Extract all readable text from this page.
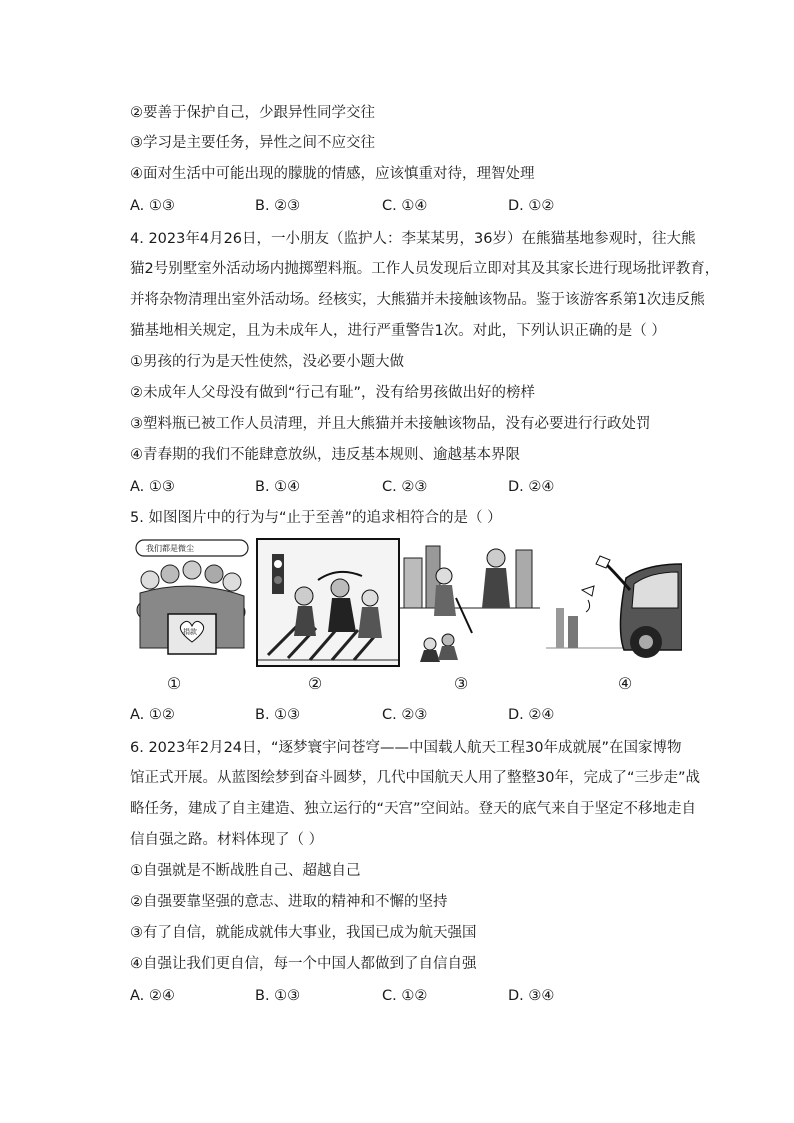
②要善于保护自己，少跟异性同学交往
③学习是主要任务，异性之间不应交往
④面对生活中可能出现的朦胧的情感，应该慎重对待，理智处理
A. ①③	B. ②③	C. ①④	D. ①②
4. 2023年4月26日，一小朋友（监护人：李某某男，36岁）在熊猫基地参观时，往大熊
猫2号别墅室外活动场内抛掷塑料瓶。工作人员发现后立即对其及其家长进行现场批评教育，
并将杂物清理出室外活动场。经核实，大熊猫并未接触该物品。鉴于该游客系第1次违反熊
猫基地相关规定，且为未成年人，进行严重警告1次。对此，下列认识正确的是（ ）
①男孩的行为是天性使然，没必要小题大做
②未成年人父母没有做到“行己有耻”，没有给男孩做出好的榜样
③塑料瓶已被工作人员清理，并且大熊猫并未接触该物品，没有必要进行行政处罚
④青春期的我们不能肆意放纵，违反基本规则、逾越基本界限
A. ①③	B. ①④	C. ②③	D. ②④
5. 如图图片中的行为与“止于至善”的追求相符合的是（ ）
我们都是微尘
捐款
①	②	③	④
A. ①②	B. ①③	C. ②③	D. ②④
6. 2023年2月24日，“逐梦寰宇问苍穹——中国载人航天工程30年成就展”在国家博物
馆正式开展。从蓝图绘梦到奋斗圆梦，几代中国航天人用了整整30年，完成了“三步走”战
略任务，建成了自主建造、独立运行的“天宫”空间站。登天的底气来自于坚定不移地走自
信自强之路。材料体现了（ ）
①自强就是不断战胜自己、超越自己
②自强要靠坚强的意志、进取的精神和不懈的坚持
③有了自信，就能成就伟大事业，我国已成为航天强国
④自强让我们更自信，每一个中国人都做到了自信自强
A. ②④	B. ①③	C. ①②	D. ③④
